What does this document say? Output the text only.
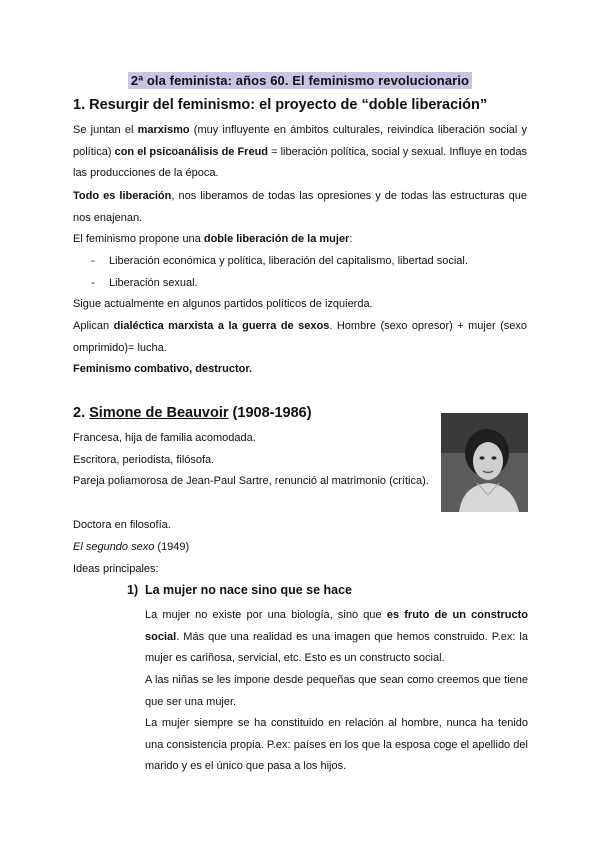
2ª ola feminista: años 60. El feminismo revolucionario
1. Resurgir del feminismo: el proyecto de “doble liberación”
Se juntan el marxismo (muy influyente en ámbitos culturales, reivindica liberación social y política) con el psicoanálisis de Freud = liberación política, social y sexual. Influye en todas las producciones de la época.
Todo es liberación, nos liberamos de todas las opresiones y de todas las estructuras que nos enajenan.
El feminismo propone una doble liberación de la mujer:
- Liberación económica y política, liberación del capitalismo, libertad social.
- Liberación sexual.
Sigue actualmente en algunos partidos políticos de izquierda.
Aplican dialéctica marxista a la guerra de sexos. Hombre (sexo opresor) + mujer (sexo omprimido)= lucha.
Feminismo combativo, destructor.
2. Simone de Beauvoir (1908-1986)
Francesa, hija de familia acomodada.
Escritora, periodista, filósofa.
Pareja poliamorosa de Jean-Paul Sartre, renunció al matrimonio (crítica).
Doctora en filosofía.
El segundo sexo (1949)
Ideas principales:
1) La mujer no nace sino que se hace
La mujer no existe por una biología, sino que es fruto de un constructo social. Más que una realidad es una imagen que hemos construido. P.ex: la mujer es cariñosa, servicial, etc. Esto es un constructo social.
A las niñas se les impone desde pequeñas que sean como creemos que tiene que ser una mujer.
La mujer siempre se ha constituido en relación al hombre, nunca ha tenido una consistencia propia. P.ex: países en los que la esposa coge el apellido del marido y es el único que pasa a los hijos.
